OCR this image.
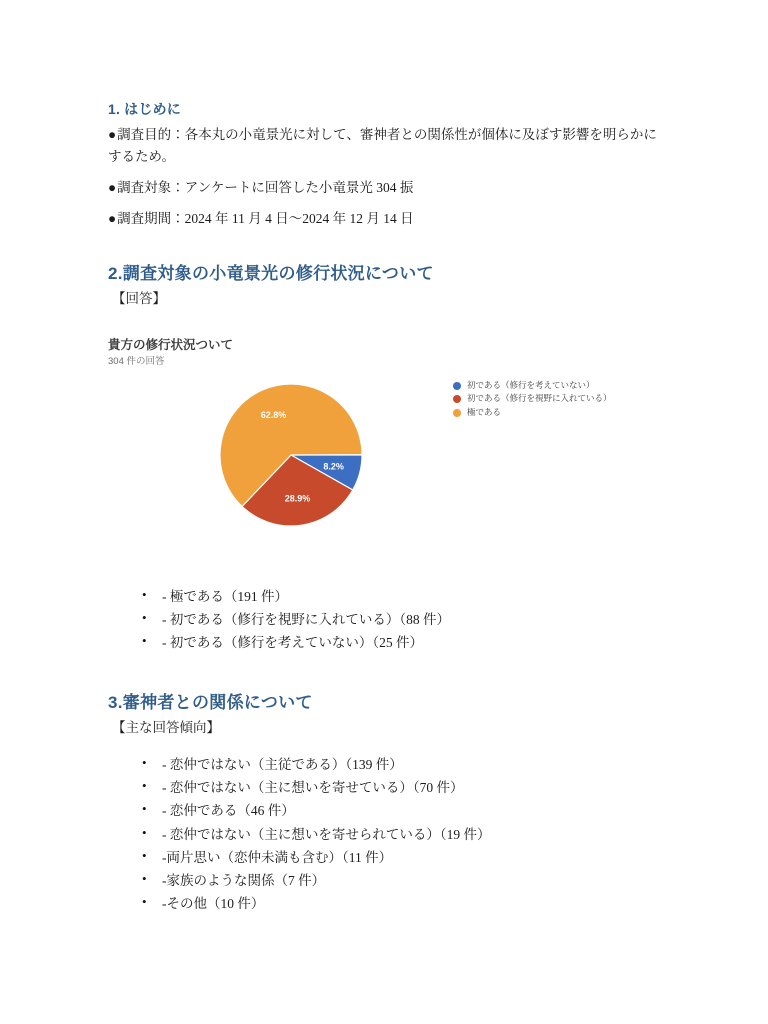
1. はじめに

●調査目的：各本丸の小竜景光に対して、審神者との関係性が個体に及ぼす影響を明らかにするため。

●調査対象：アンケートに回答した小竜景光 304 振

●調査期間：2024 年 11 月 4 日〜2024 年 12 月 14 日

2.調査対象の小竜景光の修行状況について

【回答】

貴方の修行状況ついて

304 件の回答

8.2%
28.9%
62.8%
初である（修行を考えていない）
初である（修行を視野に入れている）
極である
• - 極である（191 件）
• - 初である（修行を視野に入れている）（88 件）
• - 初である（修行を考えていない）（25 件）
3.審神者との関係について

【主な回答傾向】

• - 恋仲ではない（主従である）（139 件）
• - 恋仲ではない（主に想いを寄せている）（70 件）
• - 恋仲である（46 件）
• - 恋仲ではない（主に想いを寄せられている）（19 件）
• -両片思い（恋仲未満も含む）（11 件）
• -家族のような関係（7 件）
• -その他（10 件）
